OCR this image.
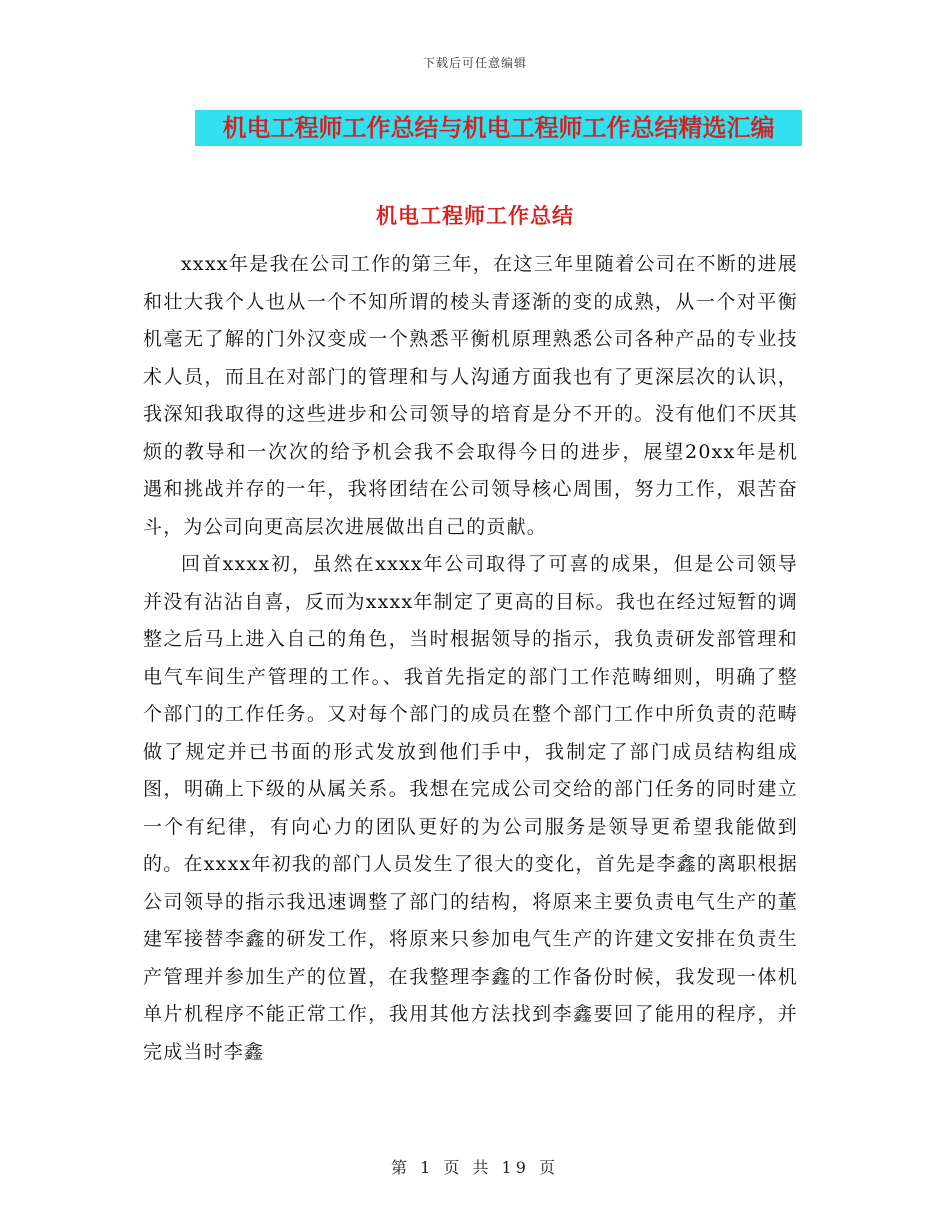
下载后可任意编辑
机电工程师工作总结与机电工程师工作总结精选汇编
机电工程师工作总结

xxxx年是我在公司工作的第三年，在这三年里随着公司在不断的进展和壮大我个人也从一个不知所谓的棱头青逐渐的变的成熟，从一个对平衡机毫无了解的门外汉变成一个熟悉平衡机原理熟悉公司各种产品的专业技术人员，而且在对部门的管理和与人沟通方面我也有了更深层次的认识，我深知我取得的这些进步和公司领导的培育是分不开的。没有他们不厌其烦的教导和一次次的给予机会我不会取得今日的进步，展望20xx年是机遇和挑战并存的一年，我将团结在公司领导核心周围，努力工作，艰苦奋斗，为公司向更高层次进展做出自己的贡献。

回首xxxx初，虽然在xxxx年公司取得了可喜的成果，但是公司领导并没有沾沾自喜，反而为xxxx年制定了更高的目标。我也在经过短暂的调整之后马上进入自己的角色，当时根据领导的指示，我负责研发部管理和电气车间生产管理的工作。、我首先指定的部门工作范畴细则，明确了整个部门的工作任务。又对每个部门的成员在整个部门工作中所负责的范畴做了规定并已书面的形式发放到他们手中，我制定了部门成员结构组成图，明确上下级的从属关系。我想在完成公司交给的部门任务的同时建立一个有纪律，有向心力的团队更好的为公司服务是领导更希望我能做到的。在xxxx年初我的部门人员发生了很大的变化，首先是李鑫的离职根据公司领导的指示我迅速调整了部门的结构，将原来主要负责电气生产的董建军接替李鑫的研发工作，将原来只参加电气生产的许建文安排在负责生产管理并参加生产的位置，在我整理李鑫的工作备份时候，我发现一体机单片机程序不能正常工作，我用其他方法找到李鑫要回了能用的程序，并完成当时李鑫

第 1 页 共 19 页
